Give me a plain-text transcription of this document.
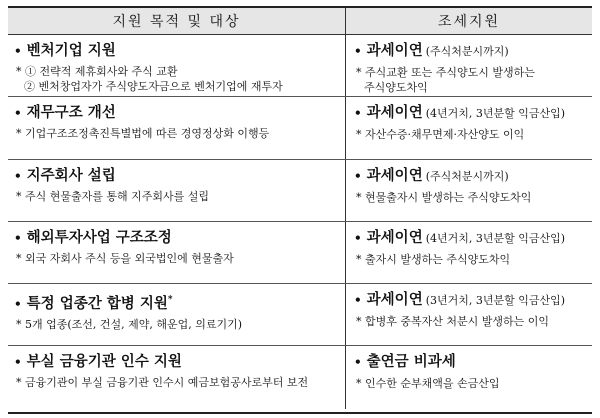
지원 목적 및 대상	조세지원
• 벤처기업 지원
* ① 전략적 제휴회사와 주식 교환
② 벤처창업자가 주식양도자금으로 벤처기업에 재투자
• 과세이연 (주식처분시까지)
* 주식교환 또는 주식양도시 발생하는
주식양도차익
• 재무구조 개선
* 기업구조조정촉진특별법에 따른 경영정상화 이행등
• 과세이연 (4년거치, 3년분할 익금산입)
* 자산수증·채무면제·자산양도 이익
• 지주회사 설립
* 주식 현물출자를 통해 지주회사를 설립
• 과세이연 (주식처분시까지)
* 현물출자시 발생하는 주식양도차익
• 해외투자사업 구조조정
* 외국 자회사 주식 등을 외국법인에 현물출자
• 과세이연 (4년거치, 3년분할 익금산입)
* 출자시 발생하는 주식양도차익
• 특정 업종간 합병 지원*
* 5개 업종(조선, 건설, 제약, 해운업, 의료기기)
• 과세이연 (3년거치, 3년분할 익금산입)
* 합병후 중복자산 처분시 발생하는 이익
• 부실 금융기관 인수 지원
* 금융기관이 부실 금융기관 인수시 예금보험공사로부터 보전
• 출연금 비과세
* 인수한 순부채액을 손금산입
